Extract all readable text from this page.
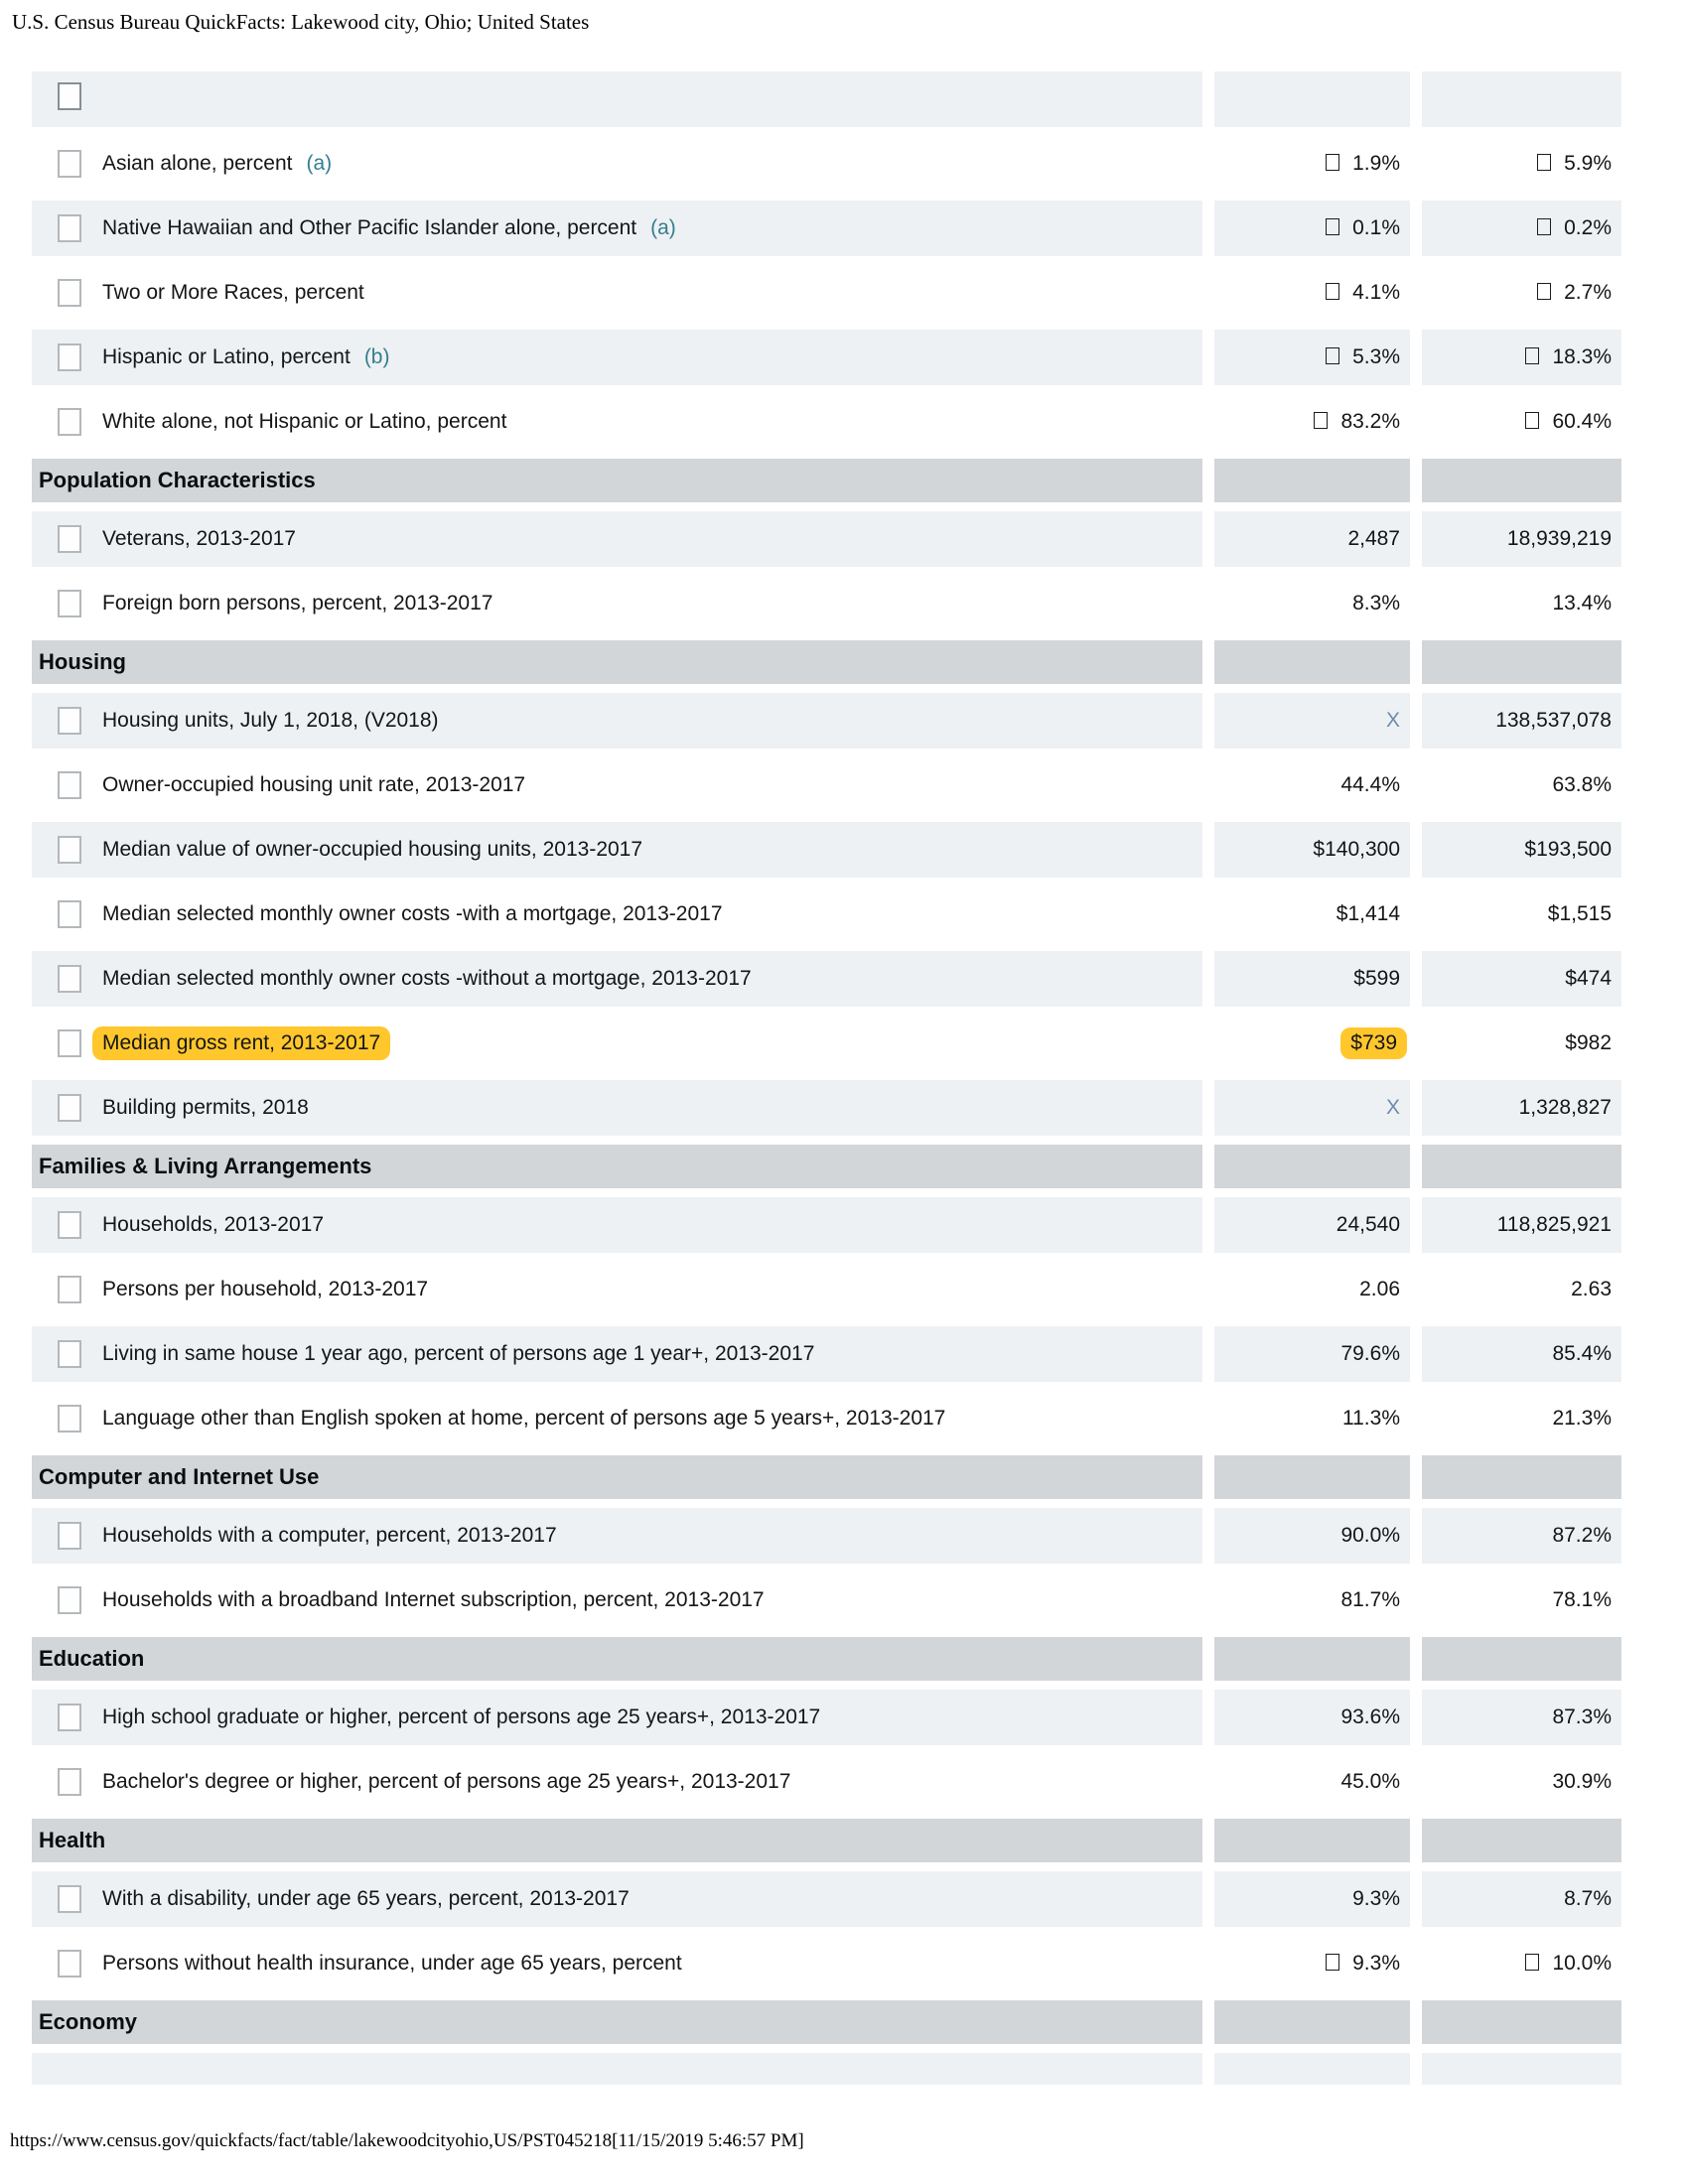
U.S. Census Bureau QuickFacts: Lakewood city, Ohio; United States
Asian alone, percent (a)	1.9%	5.9%
Native Hawaiian and Other Pacific Islander alone, percent (a)	0.1%	0.2%
Two or More Races, percent	4.1%	2.7%
Hispanic or Latino, percent (b)	5.3%	18.3%
White alone, not Hispanic or Latino, percent	83.2%	60.4%
Population Characteristics
Veterans, 2013-2017	2,487	18,939,219
Foreign born persons, percent, 2013-2017	8.3%	13.4%
Housing
Housing units, July 1, 2018, (V2018)	X	138,537,078
Owner-occupied housing unit rate, 2013-2017	44.4%	63.8%
Median value of owner-occupied housing units, 2013-2017	$140,300	$193,500
Median selected monthly owner costs -with a mortgage, 2013-2017	$1,414	$1,515
Median selected monthly owner costs -without a mortgage, 2013-2017	$599	$474
Median gross rent, 2013-2017	$739	$982
Building permits, 2018	X	1,328,827
Families & Living Arrangements
Households, 2013-2017	24,540	118,825,921
Persons per household, 2013-2017	2.06	2.63
Living in same house 1 year ago, percent of persons age 1 year+, 2013-2017	79.6%	85.4%
Language other than English spoken at home, percent of persons age 5 years+, 2013-2017	11.3%	21.3%
Computer and Internet Use
Households with a computer, percent, 2013-2017	90.0%	87.2%
Households with a broadband Internet subscription, percent, 2013-2017	81.7%	78.1%
Education
High school graduate or higher, percent of persons age 25 years+, 2013-2017	93.6%	87.3%
Bachelor's degree or higher, percent of persons age 25 years+, 2013-2017	45.0%	30.9%
Health
With a disability, under age 65 years, percent, 2013-2017	9.3%	8.7%
Persons without health insurance, under age 65 years, percent	9.3%	10.0%
Economy
https://www.census.gov/quickfacts/fact/table/lakewoodcityohio,US/PST045218[11/15/2019 5:46:57 PM]
